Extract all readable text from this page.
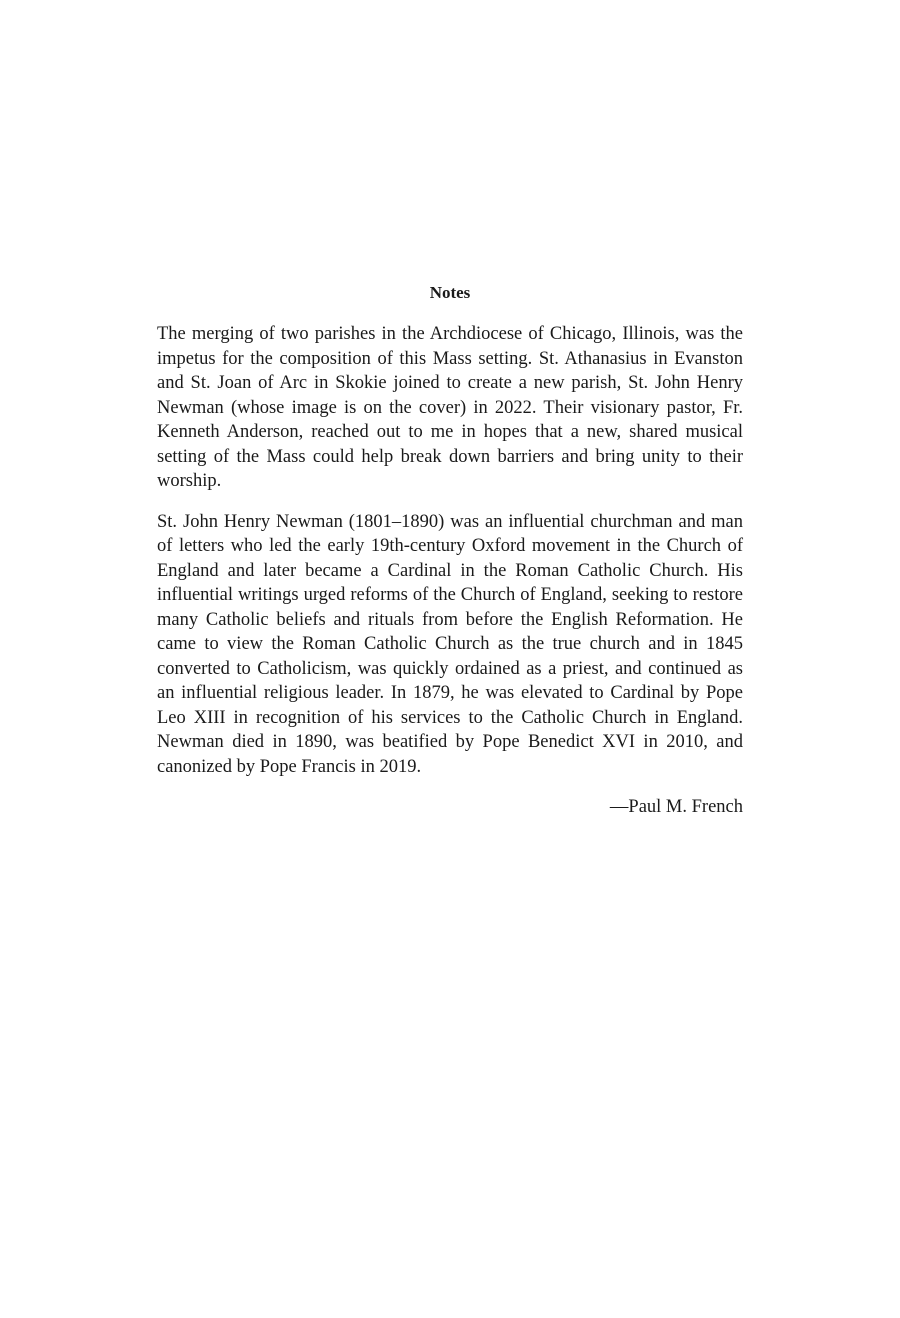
Notes

The merging of two parishes in the Archdiocese of Chicago, Illinois, was the impetus for the composition of this Mass setting. St. Athanasius in Evanston and St. Joan of Arc in Skokie joined to create a new parish, St. John Henry Newman (whose image is on the cover) in 2022. Their visionary pastor, Fr. Kenneth Anderson, reached out to me in hopes that a new, shared musical setting of the Mass could help break down barriers and bring unity to their worship.

St. John Henry Newman (1801–1890) was an influential churchman and man of letters who led the early 19th-century Oxford movement in the Church of England and later became a Cardinal in the Roman Catholic Church. His influential writings urged reforms of the Church of England, seeking to restore many Catholic beliefs and rituals from before the English Reformation. He came to view the Roman Catholic Church as the true church and in 1845 converted to Catholicism, was quickly ordained as a priest, and continued as an influential religious leader. In 1879, he was elevated to Cardinal by Pope Leo XIII in recognition of his services to the Catholic Church in England. Newman died in 1890, was beatified by Pope Benedict XVI in 2010, and canonized by Pope Francis in 2019.

—Paul M. French
